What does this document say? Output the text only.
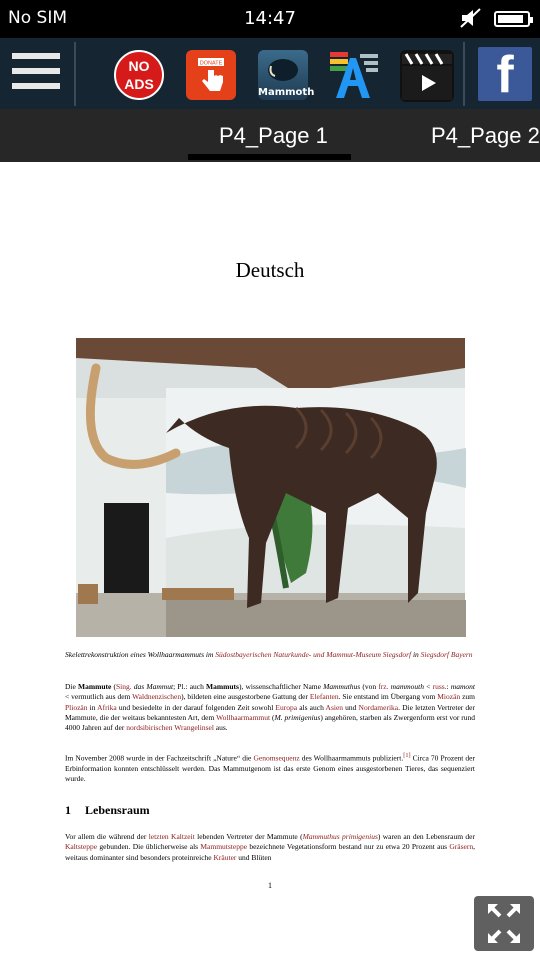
No SIM	14:47
NO
ADS
DONATE
Mammoth	f
P4_Page 1	P4_Page 2
Deutsch
Skelettrekonstruktion eines Wollhaarmammuts im Südostbayerischen Naturkunde- und Mammut-Museum Siegsdorf in Siegsdorf Bayern
Die Mammute (Sing. das Mammut; Pl.: auch Mammuts), wissenschaftlicher Name Mammuthus (von frz. mammouth < russ.: mamont < vermutlich aus dem Waldnenzischen), bildeten eine ausgestorbene Gattung der Elefanten. Sie entstand im Übergang vom Miozän zum Pliozän in Afrika und besiedelte in der darauf folgenden Zeit sowohl Europa als auch Asien und Nordamerika. Die letzten Vertreter der Mammute, die der weitaus bekanntesten Art, dem Wollhaarmammut (M. primigenius) angehören, starben als Zwergenform erst vor rund 4000 Jahren auf der nordsibirischen Wrangelinsel aus.
Im November 2008 wurde in der Fachzeitschrift „Nature“ die Genomsequenz des Wollhaarmammuts publiziert.[1] Circa 70 Prozent der Erbinformation konnten entschlüsselt werden. Das Mammutgenom ist das erste Genom eines ausgestorbenen Tieres, das sequenziert wurde.
1 Lebensraum
Vor allem die während der letzten Kaltzeit lebenden Vertreter der Mammute (Mammuthus primigenius) waren an den Lebensraum der Kaltsteppe gebunden. Die üblicherweise als Mammutsteppe bezeichnete Vegetationsform bestand nur zu etwa 20 Prozent aus Gräsern, weitaus dominanter sind besonders proteinreiche Kräuter und Blüten
1
